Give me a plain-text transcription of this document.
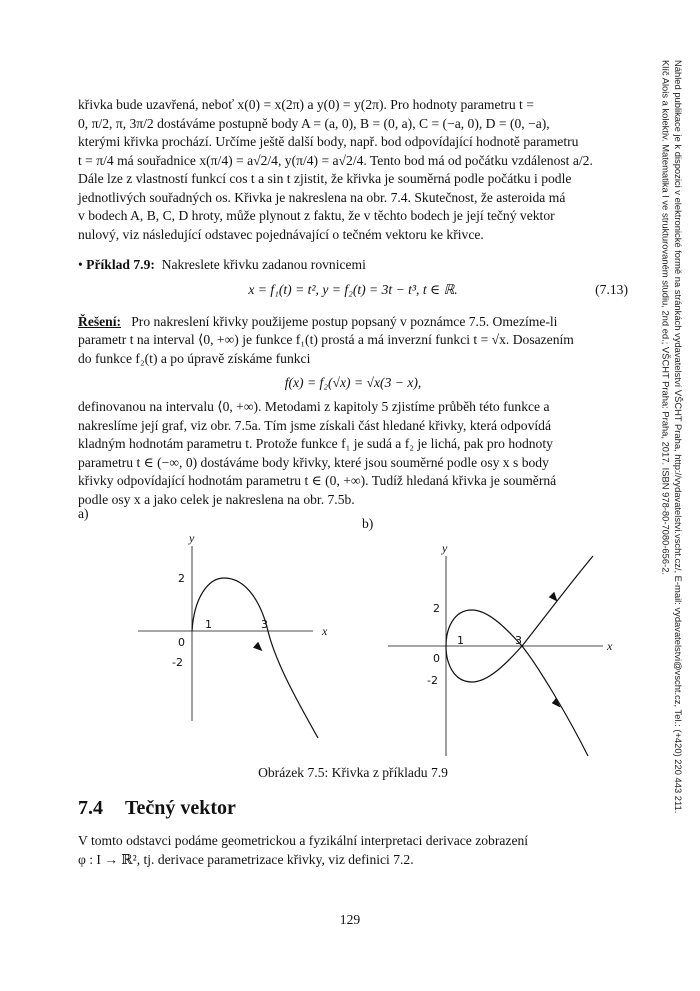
křivka bude uzavřená, neboť x(0) = x(2π) a y(0) = y(2π). Pro hodnoty parametru t =
0, π/2, π, 3π/2 dostáváme postupně body A = (a, 0), B = (0, a), C = (−a, 0), D = (0, −a),
kterými křivka prochází. Určíme ještě další body, např. bod odpovídající hodnotě parametru
t = π/4 má souřadnice x(π/4) = a√2/4, y(π/4) = a√2/4. Tento bod má od počátku vzdálenost a/2.
Dále lze z vlastností funkcí cos t a sin t zjistit, že křivka je souměrná podle počátku i podle
jednotlivých souřadných os. Křivka je nakreslena na obr. 7.4. Skutečnost, že asteroida má
v bodech A, B, C, D hroty, může plynout z faktu, že v těchto bodech je její tečný vektor
nulový, viz následující odstavec pojednávající o tečném vektoru ke křivce.

• Příklad 7.9: Nakreslete křivku zadanou rovnicemi

x = f₁(t) = t², y = f₂(t) = 3t − t³, t ∈ ℝ.	(7.13)

Řešení: Pro nakreslení křivky použijeme postup popsaný v poznámce 7.5. Omezíme-li
parametr t na interval ⟨0, +∞) je funkce f₁(t) prostá a má inverzní funkci t = √x. Dosazením
do funkce f₂(t) a po úpravě získáme funkci

f(x) = f₂(√x) = √x(3 − x),

definovanou na intervalu ⟨0, +∞). Metodami z kapitoly 5 zjistíme průběh této funkce a
nakreslíme její graf, viz obr. 7.5a. Tím jsme získali část hledané křivky, která odpovídá
kladným hodnotám parametru t. Protože funkce f₁ je sudá a f₂ je lichá, pak pro hodnoty
parametru t ∈ (−∞, 0) dostáváme body křivky, které jsou souměrné podle osy x s body
křivky odpovídající hodnotám parametru t ∈ (0, +∞). Tudíž hledaná křivka je souměrná
podle osy x a jako celek je nakreslena na obr. 7.5b.

a)
b)
y
x
0
1	3
2
-2
y
x
0
1	3
2
-2
Obrázek 7.5: Křivka z příkladu 7.9
7.4 Tečný vektor
V tomto odstavci podáme geometrickou a fyzikální interpretaci derivace zobrazení
φ : I → ℝ², tj. derivace parametrizace křivky, viz definici 7.2.
129
Náhled publikace je k dispozici v elektronické formě na stránkách vydavatelství VŠCHT Praha, http://vydavatelstvi.vscht.cz/, E-mail: vydavatelstvi@vscht.cz, Tel.: (+420) 220 443 211.
Klíč Alois a kolektiv. Matematika I ve strukturovaném studiu, 2nd ed.; VŠCHT Praha: Praha, 2017. ISBN 978-80-7080-656-2.
